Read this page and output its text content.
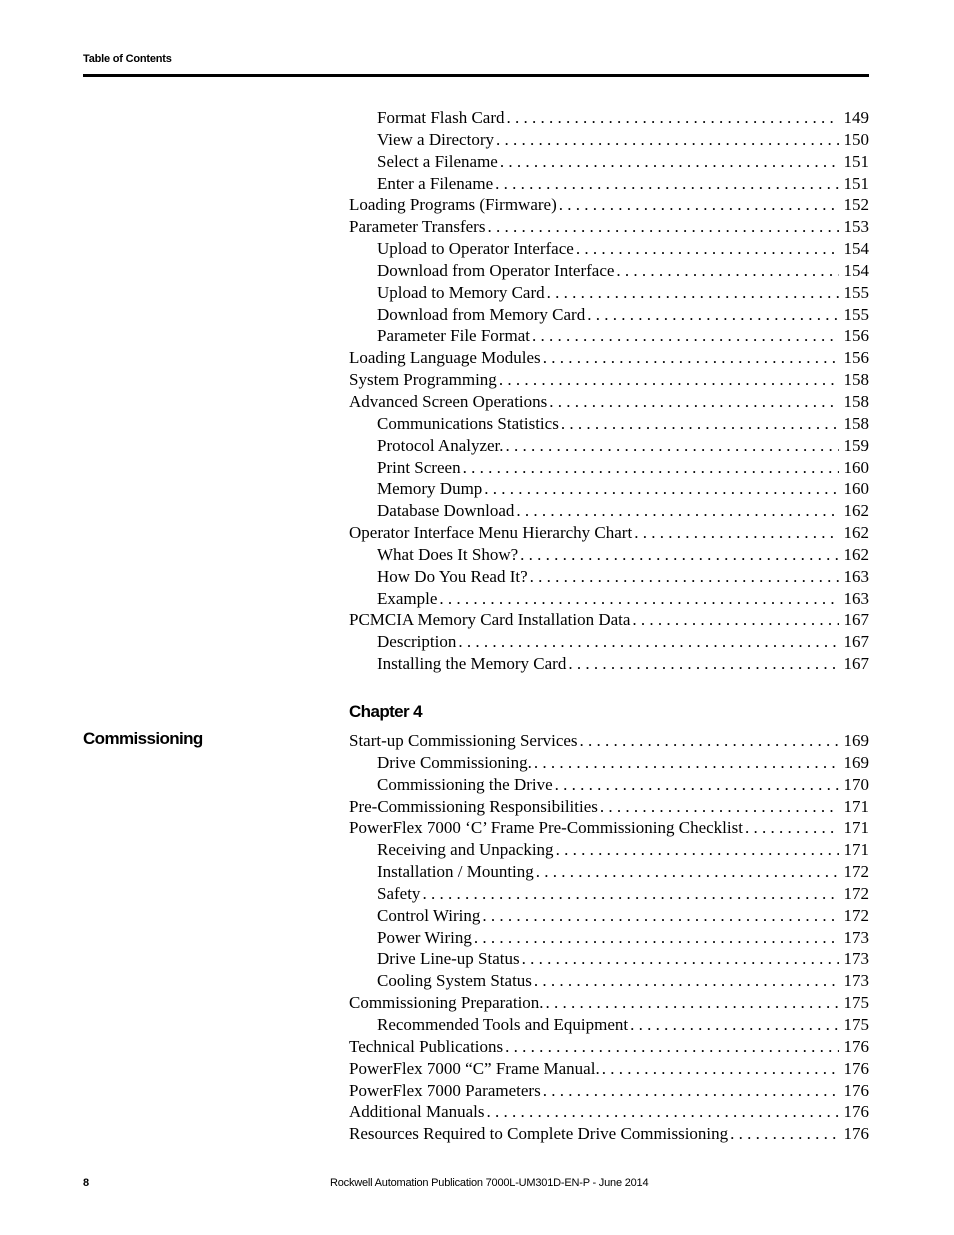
Table of Contents
Format Flash Card . . .	149
View a Directory . . .	150
Select a Filename . . .	151
Enter a Filename . . .	151
Loading Programs (Firmware) . . .	152
Parameter Transfers . . .	153
Upload to Operator Interface . . .	154
Download from Operator Interface . . .	154
Upload to Memory Card . . .	155
Download from Memory Card . . .	155
Parameter File Format . . .	156
Loading Language Modules . . .	156
System Programming . . .	158
Advanced Screen Operations . . .	158
Communications Statistics . . .	158
Protocol Analyzer. . . .	159
Print Screen . . .	160
Memory Dump . . .	160
Database Download . . .	162
Operator Interface Menu Hierarchy Chart . . .	162
What Does It Show? . . .	162
How Do You Read It? . . .	163
Example . . .	163
PCMCIA Memory Card Installation Data . . .	167
Description . . .	167
Installing the Memory Card . . .	167
Chapter 4
Commissioning	Start-up Commissioning Services . . .	169
Drive Commissioning. . . .	169
Commissioning the Drive . . .	170
Pre-Commissioning Responsibilities . . .	171
PowerFlex 7000 ‘C’ Frame Pre-Commissioning Checklist . . .	171
Receiving and Unpacking . . .	171
Installation / Mounting . . .	172
Safety . . .	172
Control Wiring . . .	172
Power Wiring . . .	173
Drive Line-up Status . . .	173
Cooling System Status . . .	173
Commissioning Preparation. . . .	175
Recommended Tools and Equipment . . .	175
Technical Publications . . .	176
PowerFlex 7000 “C” Frame Manual. . . .	176
PowerFlex 7000 Parameters . . .	176
Additional Manuals . . .	176
Resources Required to Complete Drive Commissioning . . .	176
8	Rockwell Automation Publication 7000L-UM301D-EN-P - June 2014
